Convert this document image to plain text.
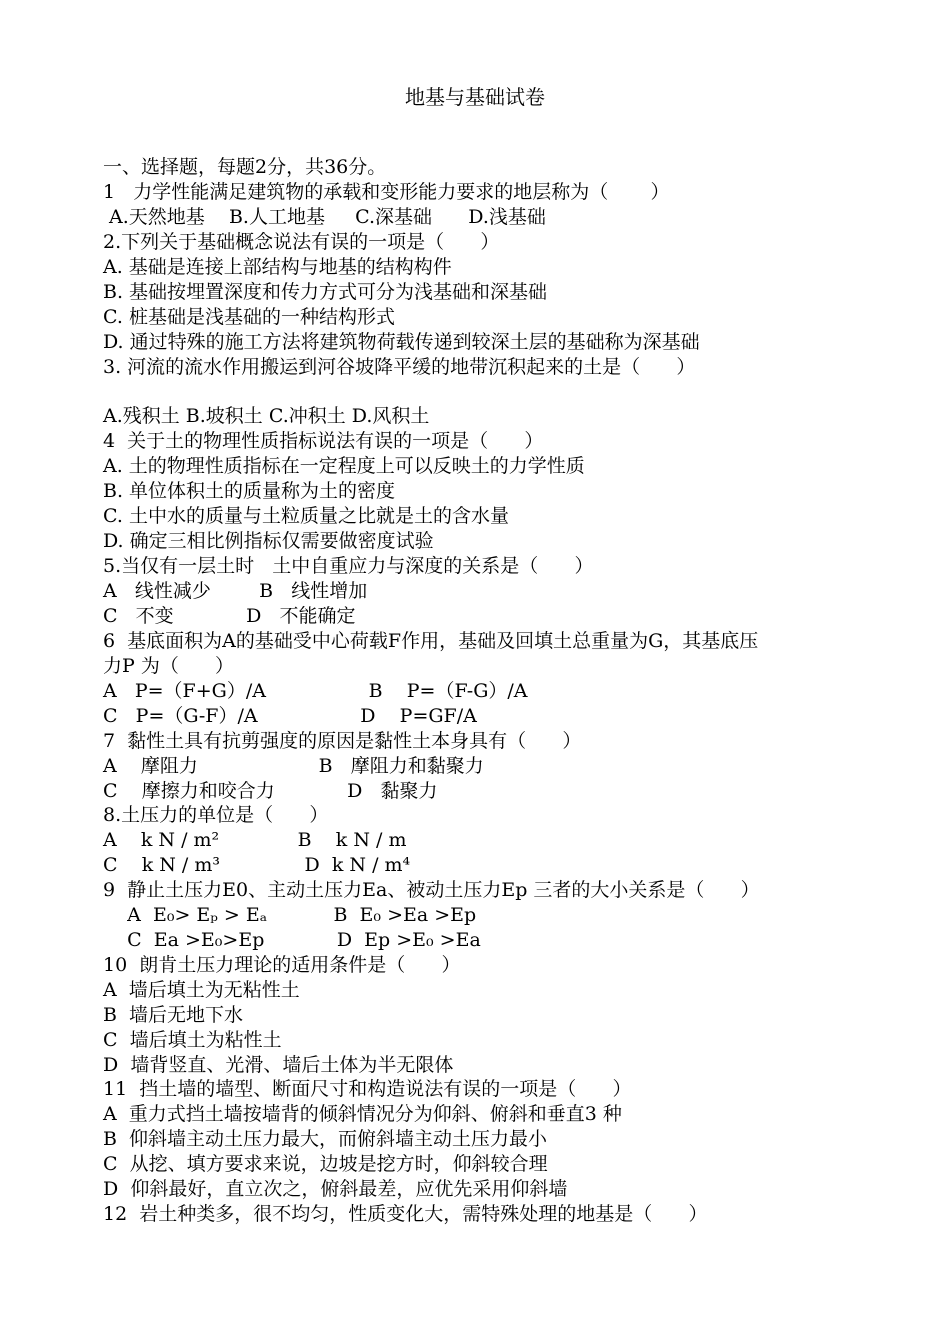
地基与基础试卷
一、选择题，每题2分，共36分。
1   力学性能满足建筑物的承载和变形能力要求的地层称为（       ）
A.天然地基    B.人工地基     C.深基础      D.浅基础
2.下列关于基础概念说法有误的一项是（      ）
A. 基础是连接上部结构与地基的结构构件
B. 基础按埋置深度和传力方式可分为浅基础和深基础
C. 桩基础是浅基础的一种结构形式
D. 通过特殊的施工方法将建筑物荷载传递到较深土层的基础称为深基础
3. 河流的流水作用搬运到河谷坡降平缓的地带沉积起来的土是（      ）
A.残积土 B.坡积土 C.冲积土 D.风积土
4  关于土的物理性质指标说法有误的一项是（      ）
A. 土的物理性质指标在一定程度上可以反映土的力学性质
B. 单位体积土的质量称为土的密度
C. 土中水的质量与土粒质量之比就是土的含水量
D. 确定三相比例指标仅需要做密度试验
5.当仅有一层土时   土中自重应力与深度的关系是（      ）
A   线性减少        B   线性增加
C   不变            D   不能确定
6  基底面积为A的基础受中心荷载F作用，基础及回填土总重量为G，其基底压
力P 为（      ）
A   P=（F+G）/A                 B    P=（F-G）/A
C   P=（G-F）/A                 D    P=GF/A
7  黏性土具有抗剪强度的原因是黏性土本身具有（      ）
A    摩阻力                    B   摩阻力和黏聚力
C    摩擦力和咬合力            D   黏聚力
8.土压力的单位是（      ）
A    k N / m²             B    k N / m
C    k N / m³              D  k N / m⁴
9  静止土压力E0、主动土压力Ea、被动土压力Ep 三者的大小关系是（      ）
A  E₀> Eₚ > Eₐ           B  E₀ >Ea >Ep
C  Ea >E₀>Ep            D  Ep >E₀ >Ea
10  朗肯土压力理论的适用条件是（      ）
A  墙后填土为无粘性土
B  墙后无地下水
C  墙后填土为粘性土
D  墙背竖直、光滑、墙后土体为半无限体
11  挡土墙的墙型、断面尺寸和构造说法有误的一项是（      ）
A  重力式挡土墙按墙背的倾斜情况分为仰斜、俯斜和垂直3 种
B  仰斜墙主动土压力最大，而俯斜墙主动土压力最小
C  从挖、填方要求来说，边坡是挖方时，仰斜较合理
D  仰斜最好，直立次之，俯斜最差，应优先采用仰斜墙
12  岩土种类多，很不均匀，性质变化大，需特殊处理的地基是（      ）
